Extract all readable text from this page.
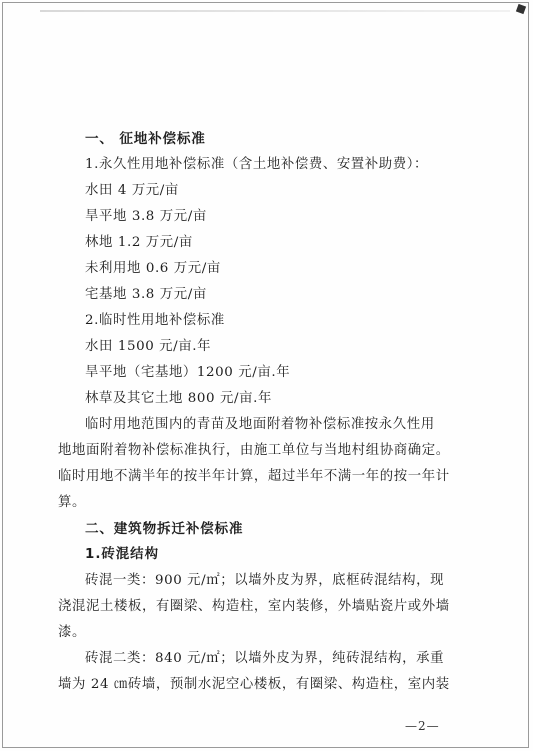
一、 征地补偿标准
1.永久性用地补偿标准（含土地补偿费、安置补助费）：
水田 4 万元/亩
旱平地 3.8 万元/亩
林地 1.2 万元/亩
未利用地 0.6 万元/亩
宅基地 3.8 万元/亩
2.临时性用地补偿标准
水田 1500 元/亩.年
旱平地（宅基地）1200 元/亩.年
林草及其它土地 800 元/亩.年
临时用地范围内的青苗及地面附着物补偿标准按永久性用
地地面附着物补偿标准执行，由施工单位与当地村组协商确定。
临时用地不满半年的按半年计算，超过半年不满一年的按一年计
算。
二、建筑物拆迁补偿标准
1.砖混结构
砖混一类：900 元/㎡；以墙外皮为界，底框砖混结构，现
浇混泥土楼板，有圈梁、构造柱，室内装修，外墙贴瓷片或外墙
漆。
砖混二类：840 元/㎡；以墙外皮为界，纯砖混结构，承重
墙为 24 ㎝砖墙，预制水泥空心楼板，有圈梁、构造柱，室内装
—2—
